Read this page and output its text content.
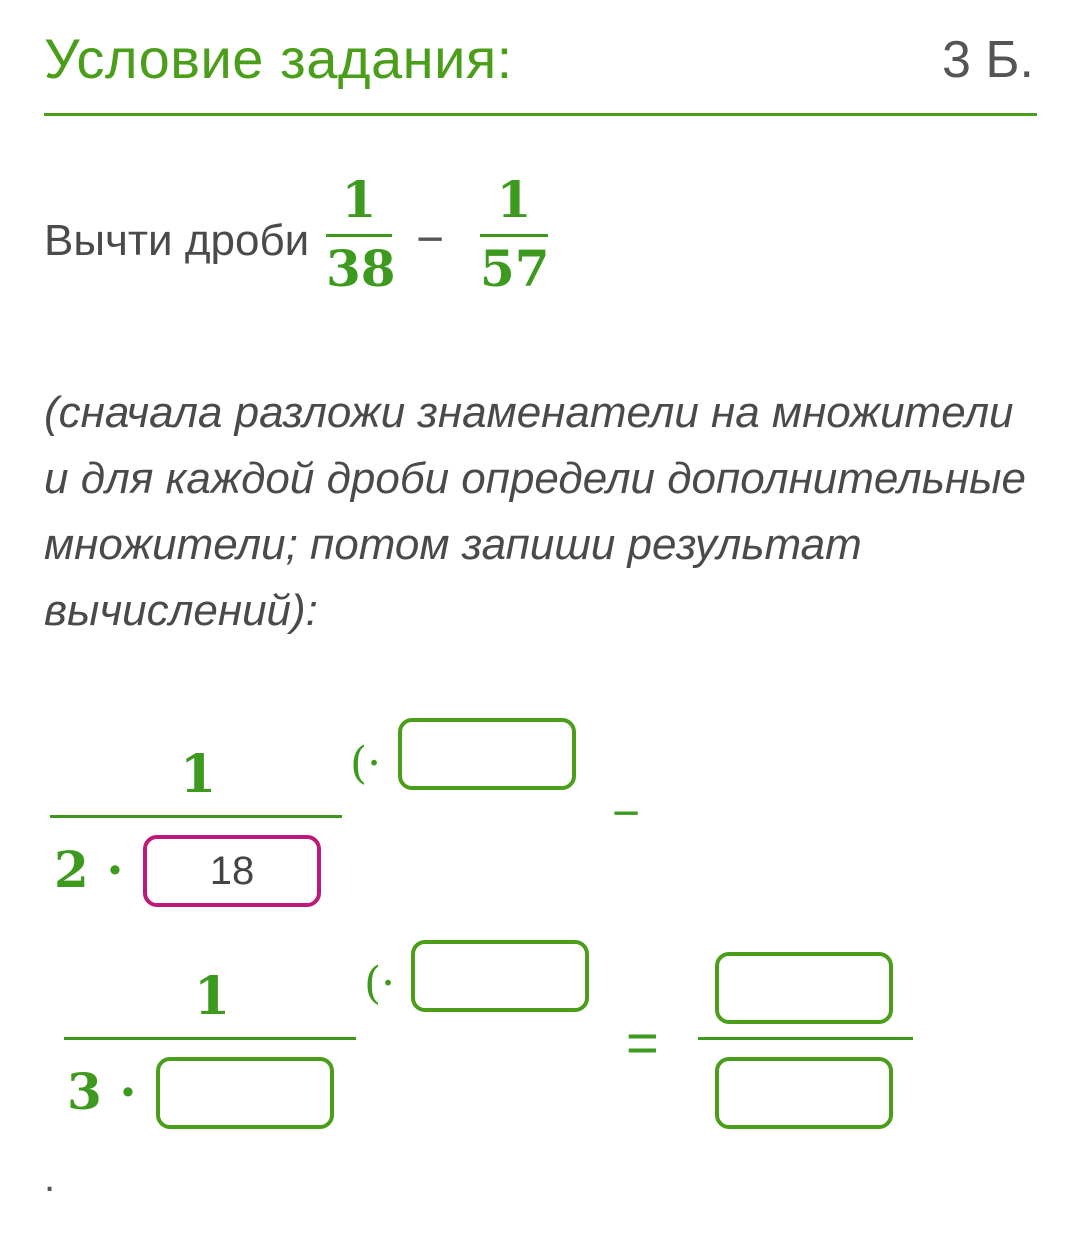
Условие задания:	3 Б.
Вычти дроби
1
38 −
1
57
(сначала разложи знаменатели на множители и для каждой дроби определи дополнительные множители; потом запиши результат вычислений):
1
2 ·	18
(·
−
1
3 ·
(·
=
.
